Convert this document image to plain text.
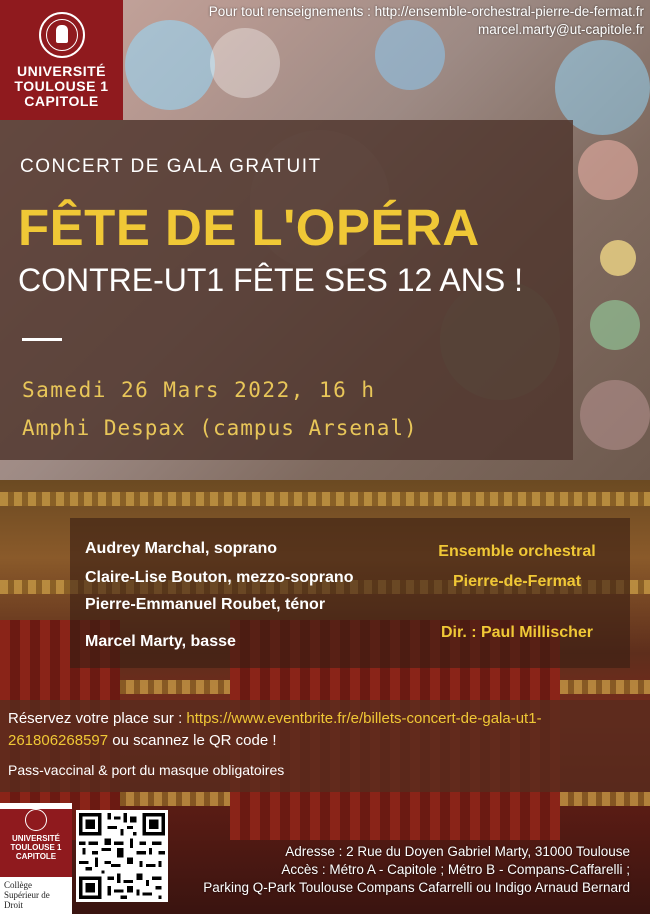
Pour tout renseignements : http://ensemble-orchestral-pierre-de-fermat.fr
marcel.marty@ut-capitole.fr
UNIVERSITÉ
TOULOUSE 1
CAPITOLE
CONCERT DE GALA GRATUIT
FÊTE DE L'OPÉRA
CONTRE-UT1 FÊTE SES 12 ANS !
Samedi 26 Mars 2022, 16 h
Amphi Despax (campus Arsenal)
Audrey Marchal, soprano
Claire-Lise Bouton, mezzo-soprano
Pierre-Emmanuel Roubet, ténor
Marcel Marty, basse
Ensemble orchestral
Pierre-de-Fermat
Dir. : Paul Millischer
Réservez votre place sur : https://www.eventbrite.fr/e/billets-concert-de-gala-ut1-261806268597 ou scannez le QR code !
Pass-vaccinal & port du masque obligatoires
UNIVERSITÉ
TOULOUSE 1
CAPITOLE
Collège
Supérieur de
Droit
Adresse : 2 Rue du Doyen Gabriel Marty, 31000 Toulouse
Accès : Métro A - Capitole ; Métro B - Compans-Caffarelli ;
Parking Q-Park Toulouse Compans Cafarrelli ou Indigo Arnaud Bernard
